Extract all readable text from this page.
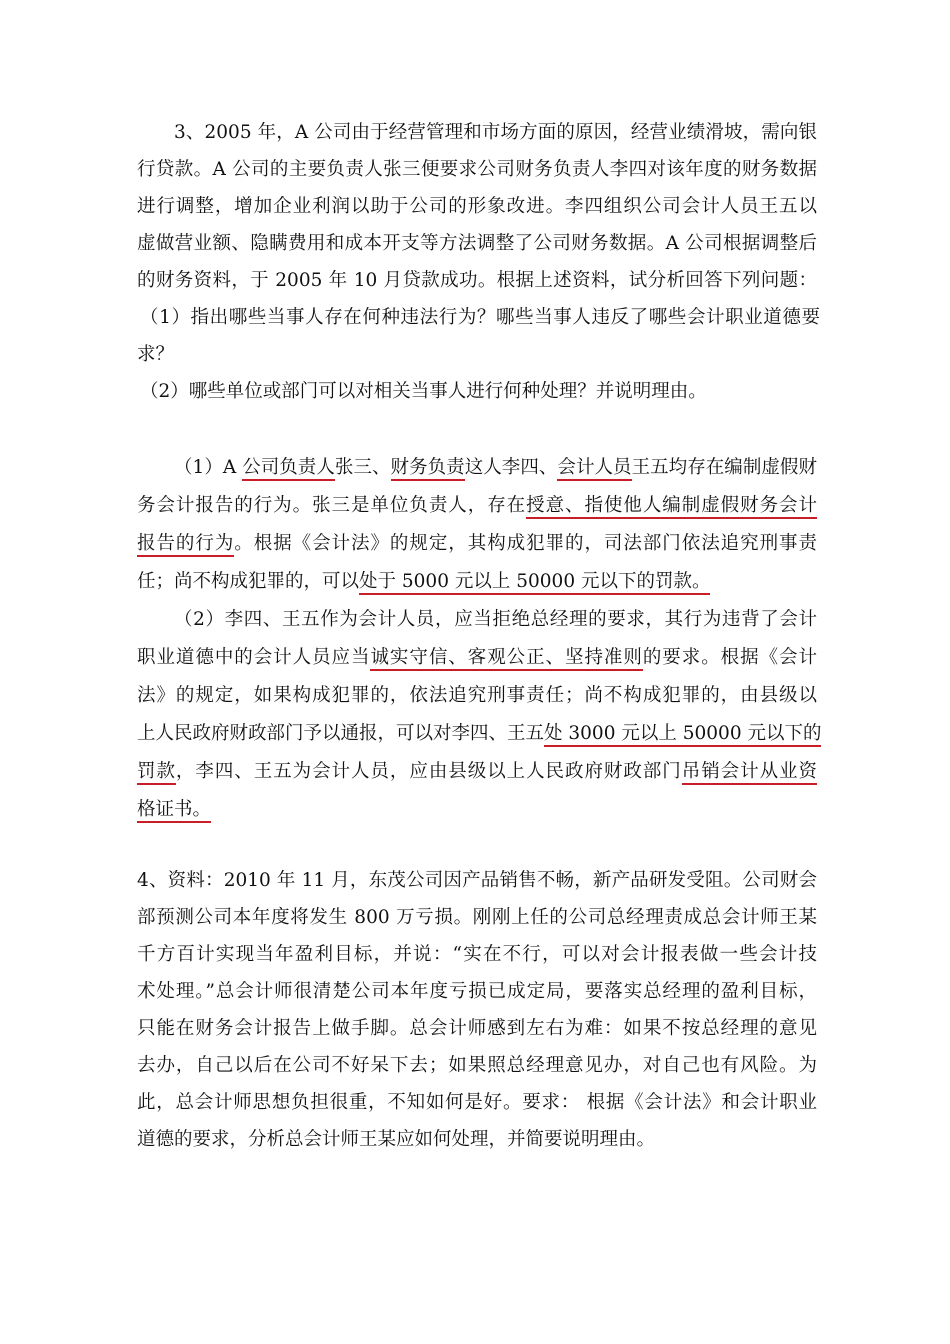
3、2005 年，A 公司由于经营管理和市场方面的原因，经营业绩滑坡，需向银
行贷款。A 公司的主要负责人张三便要求公司财务负责人李四对该年度的财务数据
进行调整，增加企业利润以助于公司的形象改进。李四组织公司会计人员王五以
虚做营业额、隐瞒费用和成本开支等方法调整了公司财务数据。A 公司根据调整后
的财务资料，于 2005 年 10 月贷款成功。根据上述资料，试分析回答下列问题：
（1）指出哪些当事人存在何种违法行为？哪些当事人违反了哪些会计职业道德要
求？
（2）哪些单位或部门可以对相关当事人进行何种处理？并说明理由。
（1）A 公司负责人张三、财务负责这人李四、会计人员王五均存在编制虚假财
务会计报告的行为。张三是单位负责人，存在授意、指使他人编制虚假财务会计
报告的行为。根据《会计法》的规定，其构成犯罪的，司法部门依法追究刑事责
任；尚不构成犯罪的，可以处于 5000 元以上 50000 元以下的罚款。
（2）李四、王五作为会计人员，应当拒绝总经理的要求，其行为违背了会计
职业道德中的会计人员应当诚实守信、客观公正、坚持准则的要求。根据《会计
法》的规定，如果构成犯罪的，依法追究刑事责任；尚不构成犯罪的，由县级以
上人民政府财政部门予以通报，可以对李四、王五处 3000 元以上 50000 元以下的
罚款，李四、王五为会计人员，应由县级以上人民政府财政部门吊销会计从业资
格证书。
4、资料：2010 年 11 月，东茂公司因产品销售不畅，新产品研发受阻。公司财会
部预测公司本年度将发生 800 万亏损。刚刚上任的公司总经理责成总会计师王某
千方百计实现当年盈利目标，并说：“实在不行，可以对会计报表做一些会计技
术处理。”总会计师很清楚公司本年度亏损已成定局，要落实总经理的盈利目标，
只能在财务会计报告上做手脚。总会计师感到左右为难：如果不按总经理的意见
去办，自己以后在公司不好呆下去；如果照总经理意见办，对自己也有风险。为
此，总会计师思想负担很重，不知如何是好。要求： 根据《会计法》和会计职业
道德的要求，分析总会计师王某应如何处理，并简要说明理由。
